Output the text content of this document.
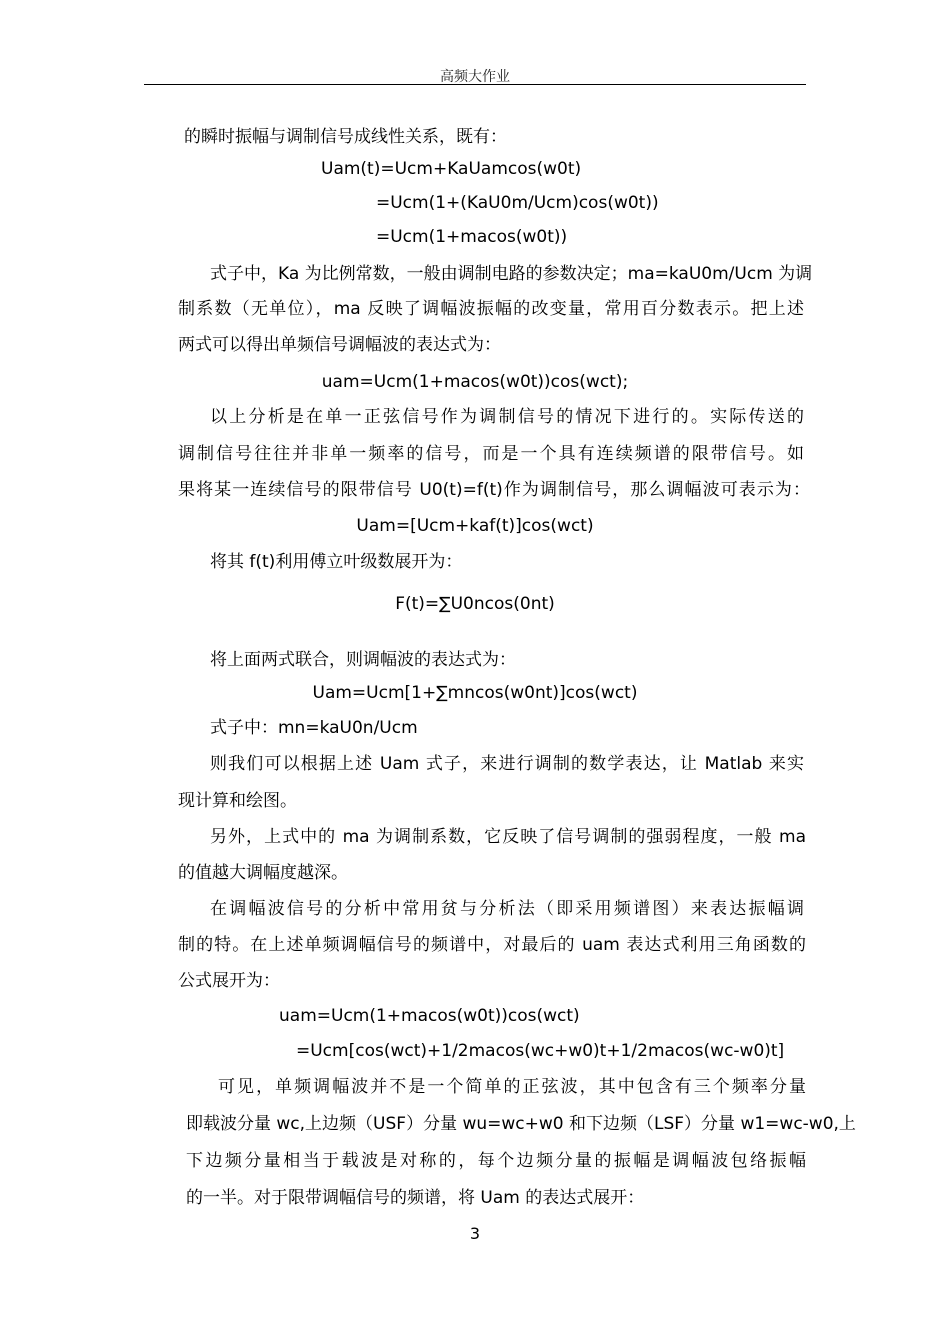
高频大作业
的瞬时振幅与调制信号成线性关系，既有：
Uam(t)=Ucm+KaUamcos(w0t)
=Ucm(1+(KaU0m/Ucm)cos(w0t))
=Ucm(1+macos(w0t))
式子中，Ka 为比例常数，一般由调制电路的参数决定；ma=kaU0m/Ucm 为调
制系数（无单位），ma 反映了调幅波振幅的改变量，常用百分数表示。把上述
两式可以得出单频信号调幅波的表达式为：
uam=Ucm(1+macos(w0t))cos(wct);
以上分析是在单一正弦信号作为调制信号的情况下进行的。实际传送的
调制信号往往并非单一频率的信号，而是一个具有连续频谱的限带信号。如
果将某一连续信号的限带信号 U0(t)=f(t)作为调制信号，那么调幅波可表示为：
Uam=[Ucm+kaf(t)]cos(wct)
将其 f(t)利用傅立叶级数展开为：
F(t)=∑U0ncos(0nt)
将上面两式联合，则调幅波的表达式为：
Uam=Ucm[1+∑mncos(w0nt)]cos(wct)
式子中：mn=kaU0n/Ucm
则我们可以根据上述 Uam 式子，来进行调制的数学表达，让 Matlab 来实
现计算和绘图。
另外，上式中的 ma 为调制系数，它反映了信号调制的强弱程度，一般 ma
的值越大调幅度越深。
在调幅波信号的分析中常用贫与分析法（即采用频谱图）来表达振幅调
制的特。在上述单频调幅信号的频谱中，对最后的 uam 表达式利用三角函数的
公式展开为：
uam=Ucm(1+macos(w0t))cos(wct)
=Ucm[cos(wct)+1/2macos(wc+w0)t+1/2macos(wc-w0)t]
可见，单频调幅波并不是一个简单的正弦波，其中包含有三个频率分量
即载波分量 wc,上边频（USF）分量 wu=wc+w0 和下边频（LSF）分量 w1=wc-w0,上
下边频分量相当于载波是对称的，每个边频分量的振幅是调幅波包络振幅
的一半。对于限带调幅信号的频谱，将 Uam 的表达式展开：
3
